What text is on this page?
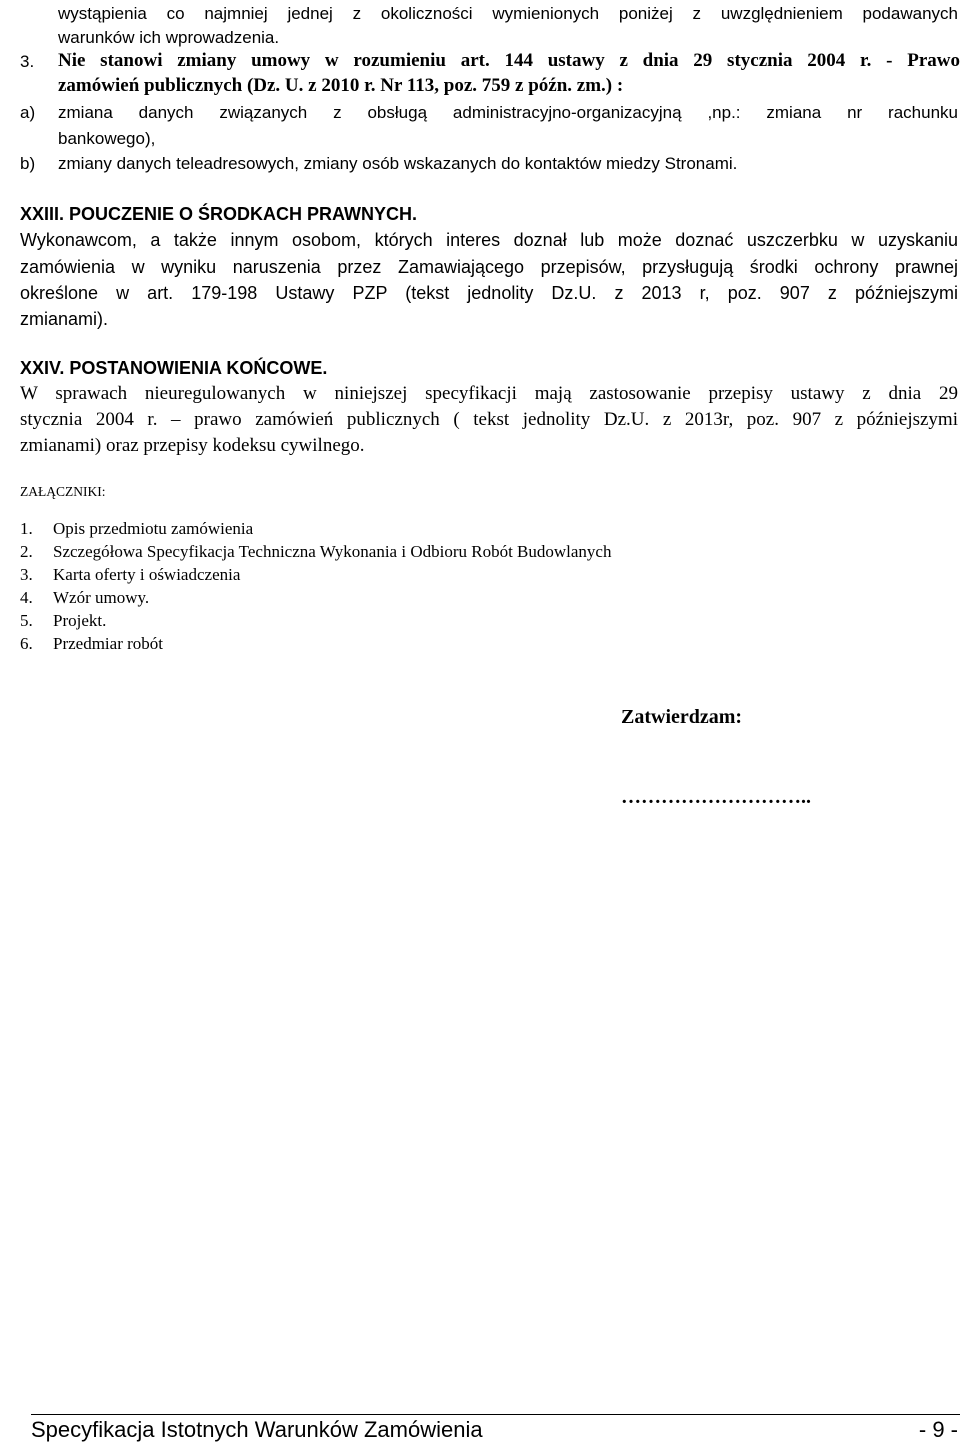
wystąpienia co najmniej jednej z okoliczności wymienionych poniżej z uwzględnieniem podawanych
warunków ich wprowadzenia.
3. Nie stanowi zmiany umowy w rozumieniu art. 144 ustawy z dnia 29 stycznia 2004 r. - Prawo
zamówień publicznych (Dz. U. z 2010 r. Nr 113, poz. 759 z późn. zm.) :
a) zmiana danych związanych z obsługą administracyjno-organizacyjną ,np.: zmiana nr rachunku
bankowego),
b) zmiany danych teleadresowych, zmiany osób wskazanych do kontaktów miedzy Stronami.
XXIII. POUCZENIE O ŚRODKACH PRAWNYCH.
Wykonawcom, a także innym osobom, których interes doznał lub może doznać uszczerbku w uzyskaniu
zamówienia w wyniku naruszenia przez Zamawiającego przepisów, przysługują środki ochrony prawnej
określone w art. 179-198 Ustawy PZP (tekst jednolity Dz.U. z 2013 r, poz. 907 z późniejszymi
zmianami).
XXIV. POSTANOWIENIA KOŃCOWE.
W sprawach nieuregulowanych w niniejszej specyfikacji mają zastosowanie przepisy ustawy z dnia 29
stycznia 2004 r. – prawo zamówień publicznych ( tekst jednolity Dz.U. z 2013r, poz. 907 z późniejszymi
zmianami) oraz przepisy kodeksu cywilnego.
ZAŁĄCZNIKI:
1. Opis przedmiotu zamówienia
2. Szczegółowa Specyfikacja Techniczna Wykonania i Odbioru Robót Budowlanych
3. Karta oferty i oświadczenia
4. Wzór umowy.
5. Projekt.
6. Przedmiar robót
Zatwierdzam:
………………………..
Specyfikacja Istotnych Warunków Zamówienia	- 9 -
